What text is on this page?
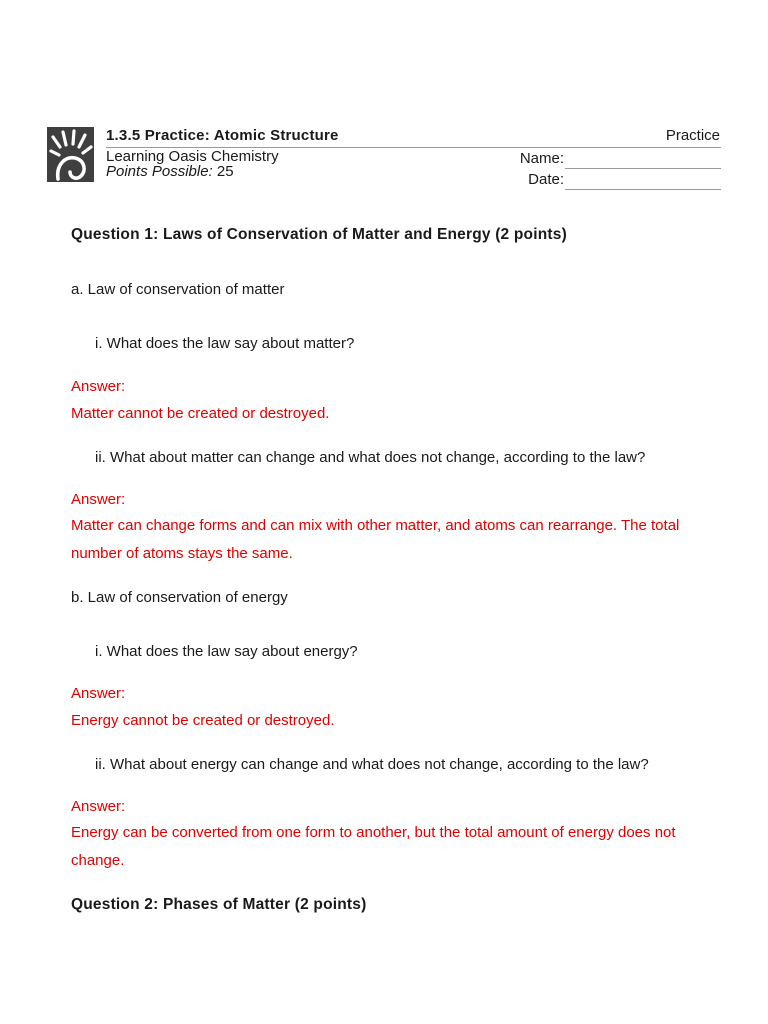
1.3.5 Practice: Atomic Structure	Practice
Learning Oasis Chemistry
Points Possible: 25
Name:
Date:
Question 1: Laws of Conservation of Matter and Energy (2 points)
a. Law of conservation of matter
i. What does the law say about matter?
Answer:
Matter cannot be created or destroyed.
ii. What about matter can change and what does not change, according to the law?
Answer:
Matter can change forms and can mix with other matter, and atoms can rearrange. The total number of atoms stays the same.
b. Law of conservation of energy
i. What does the law say about energy?
Answer:
Energy cannot be created or destroyed.
ii. What about energy can change and what does not change, according to the law?
Answer:
Energy can be converted from one form to another, but the total amount of energy does not change.
Question 2: Phases of Matter (2 points)
